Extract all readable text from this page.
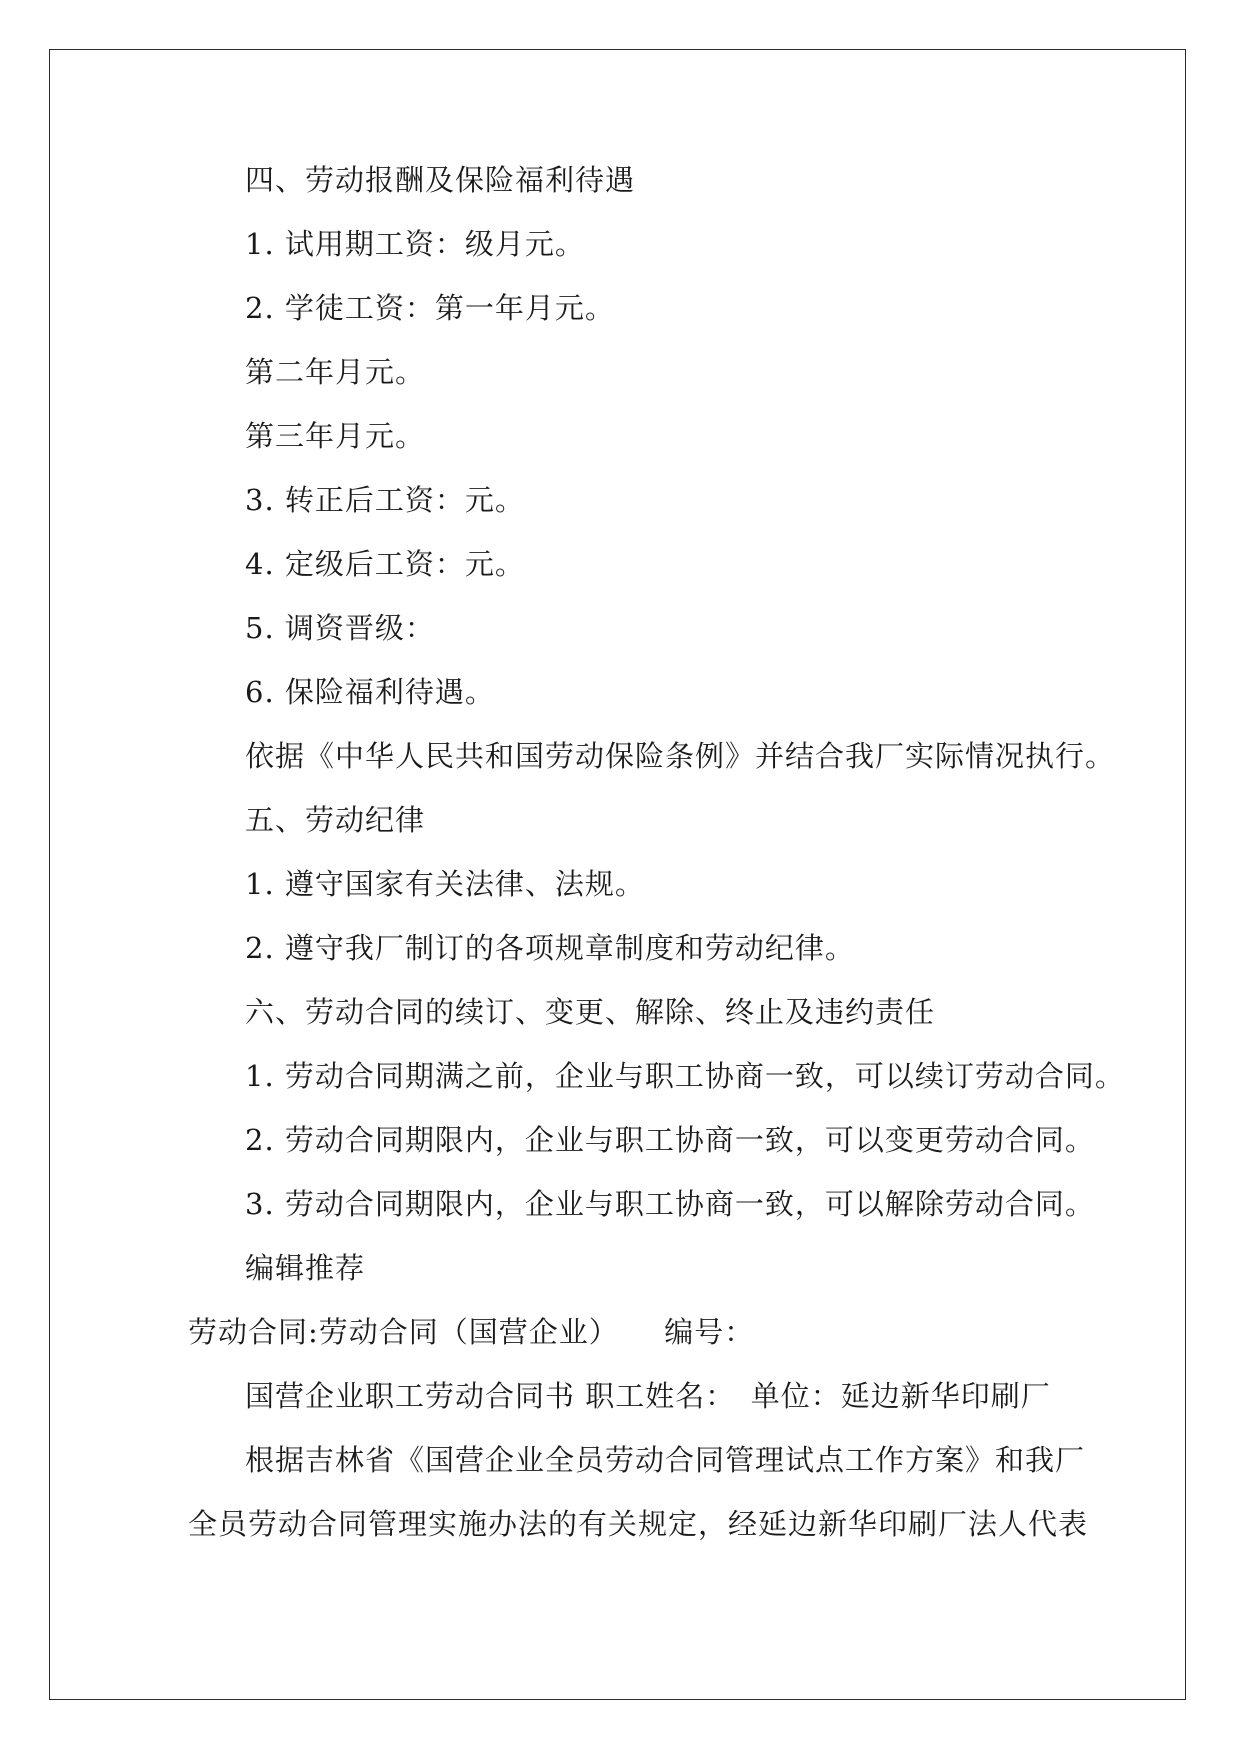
四、劳动报酬及保险福利待遇
1. 试用期工资：级月元。
2. 学徒工资：第一年月元。
第二年月元。
第三年月元。
3. 转正后工资：元。
4. 定级后工资：元。
5. 调资晋级：
6. 保险福利待遇。
依据《中华人民共和国劳动保险条例》并结合我厂实际情况执行。
五、劳动纪律
1. 遵守国家有关法律、法规。
2. 遵守我厂制订的各项规章制度和劳动纪律。
六、劳动合同的续订、变更、解除、终止及违约责任
1. 劳动合同期满之前，企业与职工协商一致，可以续订劳动合同。
2. 劳动合同期限内，企业与职工协商一致，可以变更劳动合同。
3. 劳动合同期限内，企业与职工协商一致，可以解除劳动合同。
编辑推荐
劳动合同:劳动合同（国营企业）　　编号：
国营企业职工劳动合同书 职工姓名：　单位：延边新华印刷厂
根据吉林省《国营企业全员劳动合同管理试点工作方案》和我厂
全员劳动合同管理实施办法的有关规定，经延边新华印刷厂法人代表
